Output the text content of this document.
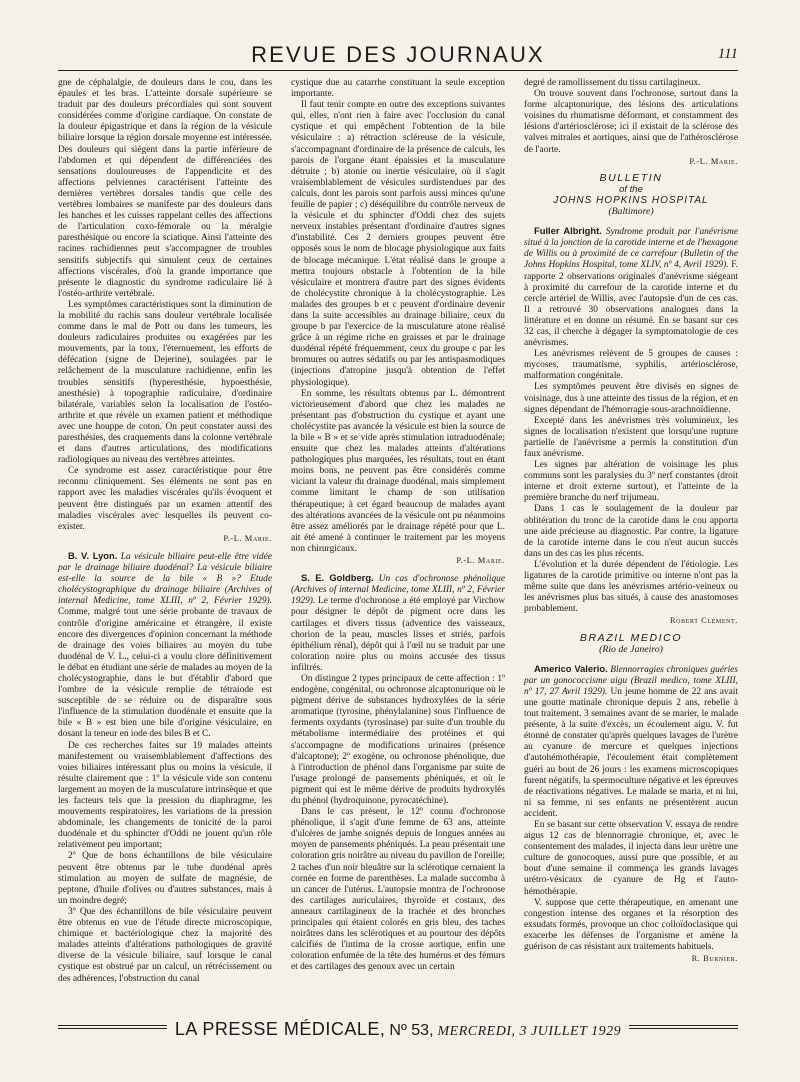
REVUE DES JOURNAUX	111

gne de céphalalgie, de douleurs dans le cou, dans les épaules et les bras. L'atteinte dorsale supérieure se traduit par des douleurs précordiales qui sont souvent considérées comme d'origine cardiaque. On constate de la douleur épigastrique et dans la région de la vésicule biliaire lorsque la région dorsale moyenne est intéressée. Des douleurs qui siègent dans la partie inférieure de l'abdomen et qui dépendent de différenciées des sensations douloureuses de l'appendicite et des affections pelviennes caractérisent l'atteinte des dernières vertèbres dorsales tandis que celle des vertèbres lombaires se manifeste par des douleurs dans les hanches et les cuisses rappelant celles des affections de l'articulation coxo-fémorale ou la méralgie paresthésique ou encore la sciatique. Ainsi l'atteinte des racines rachidiennes peut s'accompagner de troubles sensitifs subjectifs qui simulent ceux de certaines affections viscérales, d'où la grande importance que présente le diagnostic du syndrome radiculaire lié à l'ostéo-arthrite vertébrale.

Les symptômes caractéristiques sont la diminution de la mobilité du rachis sans douleur vertébrale localisée comme dans le mal de Pott ou dans les tumeurs, les douleurs radiculaires produites ou exagérées par les mouvements, par la toux, l'éternuement, les efforts de défécation (signe de Dejerine), soulagées par le relâchement de la musculature rachidienne, enfin les troubles sensitifs (hyperesthésie, hypoesthésie, anesthésie) à topographie radiculaire, d'ordinaire bilatérale, variables selon la localisation de l'ostéo-arthrite et que révèle un examen patient et méthodique avec une houppe de coton. On peut constater aussi des paresthésies, des craquements dans la colonne vertébrale et dans d'autres articulations, des modifications radiologiques au niveau des vertèbres atteintes.

Ce syndrome est assez caractéristique pour être reconnu cliniquement. Ses éléments ne sont pas en rapport avec les maladies viscérales qu'ils évoquent et peuvent être distingués par un examen attentif des maladies viscérales avec lesquelles ils peuvent co-exister.

P.-L. Marie.

B. V. Lyon. La vésicule biliaire peut-elle être vidée par le drainage biliaire duodénal? La vésicule biliaire est-elle la source de la bile « B »? Etude cholécystographique du drainage biliaire (Archives of internal Medicine, tome XLIII, nº 2, Février 1929). Comme, malgré tout une série probante de travaux de contrôle d'origine américaine et étrangère, il existe encore des divergences d'opinion concernant la méthode de drainage des voies biliaires au moyen du tube duodénal de V. L., celui-ci a voulu clore définitivement le débat en étudiant une série de malades au moyen de la cholécystographie, dans le but d'établir d'abord que l'ombre de la vésicule remplie de tétraiode est susceptible de se réduire ou de disparaître sous l'influence de la stimulation duodénale et ensuite que la bile « B » est bien une bile d'origine vésiculaire, en dosant la teneur en iode des biles B et C.

De ces recherches faites sur 19 malades atteints manifestement ou vraisemblablement d'affections des voies biliaires intéressant plus ou moins la vésicule, il résulte clairement que : 1º la vésicule vide son contenu largement au moyen de la musculature intrinsèque et que les facteurs tels que la pression du diaphragme, les mouvements respiratoires, les variations de la pression abdominale, les changements de tonicité de la paroi duodénale et du sphincter d'Oddi ne jouent qu'un rôle relativement peu important;

2º Que de bons échantillons de bile vésiculaire peuvent être obtenus par le tube duodénal après stimulation au moyen de sulfate de magnésie, de peptone, d'huile d'olives ou d'autres substances, mais à un moindre degré;

3º Que des échantillons de bile vésiculaire peuvent être obtenus en vue de l'étude directe microscopique, chimique et bactériologique chez la majorité des malades atteints d'altérations pathologiques de gravité diverse de la vésicule biliaire, sauf lorsque le canal cystique est obstrué par un calcul, un rétrécissement ou des adhérences, l'obstruction du canal

cystique due au catarrhe constituant la seule exception importante.

Il faut tenir compte en outre des exceptions suivantes qui, elles, n'ont rien à faire avec l'occlusion du canal cystique et qui empêchent l'obtention de la bile vésiculaire : a) rétraction scléreuse de la vésicule, s'accompagnant d'ordinaire de la présence de calculs, les parois de l'organe étant épaissies et la musculature détruite ; b) atonie ou inertie vésiculaire, où il s'agit vraisemblablement de vésicules surdistendues par des calculs, dont les parois sont parfois aussi minces qu'une feuille de papier ; c) déséquilibre du contrôle nerveux de la vésicule et du sphincter d'Oddi chez des sujets nerveux instables présentant d'ordinaire d'autres signes d'instabilité. Ces 2 derniers groupes peuvent être opposés sous le nom de blocage physiologique aux faits de blocage mécanique. L'état réalisé dans le groupe a mettra toujours obstacle à l'obtention de la bile vésiculaire et montrera d'autre part des signes évidents de cholécystite chronique à la cholécystographie. Les malades des groupes b et c peuvent d'ordinaire devenir dans la suite accessibles au drainage biliaire, ceux du groupe b par l'exercice de la musculature atone réalisé grâce à un régime riche en graisses et par le drainage duodénal répété fréquemment, ceux du groupe c par les bromures ou autres sédatifs ou par les antispasmodiques (injections d'atropine jusqu'à obtention de l'effet physiologique).

En somme, les résultats obtenus par L. démontrent victorieusement d'abord que chez les malades ne présentant pas d'obstruction du cystique et ayant une cholécystite pas avancée la vésicule est bien la source de la bile « B » et se vide après stimulation intraduodénale; ensuite que chez les malades atteints d'altérations pathologiques plus marquées, les résultats, tout en étant moins bons, ne peuvent pas être considérés comme viciant la valeur du drainage duodénal, mais simplement comme limitant le champ de son utilisation thérapeutique; à cet égard beaucoup de malades ayant des altérations avancées de la vésicule ont pu néanmoins être assez améliorés par le drainage répété pour que L. ait été amené à continuer le traitement par les moyens non chirurgicaux.

P.-L. Marie.

S. E. Goldberg. Un cas d'ochronose phénolique (Archives of internal Medicine, tome XLIII, nº 2, Février 1929). Le terme d'ochronose a été employé par Virchow pour désigner le dépôt de pigment ocre dans les cartilages et divers tissus (adventice des vaisseaux, chorion de la peau, muscles lisses et striés, parfois épithélium rénal), dépôt qui à l'œil nu se traduit par une coloration noire plus ou moins accusée des tissus infiltrés.

On distingue 2 types principaux de cette affection : 1º endogène, congénital, ou ochronose alcaptonurique où le pigment dérive de substances hydroxylées de la série aromatique (tyrosine, phénylalanine) sous l'influence de ferments oxydants (tyrosinase) par suite d'un trouble du métabolisme intermédiaire des protéines et qui s'accompagne de modifications urinaires (présence d'alcaptone); 2º exogène, ou ochronose phénolique, due à l'introduction de phénol dans l'organisme par suite de l'usage prolongé de pansements phéniqués, et où le pigment qui est le même dérive de produits hydroxylés du phénol (hydroquinone, pyrocatéchine).

Dans le cas présent, le 12º connu d'ochronose phénolique, il s'agit d'une femme de 63 ans, atteinte d'ulcères de jambe soignés depuis de longues années au moyen de pansements phéniqués. La peau présentait une coloration gris noirâtre au niveau du pavillon de l'oreille; 2 taches d'un noir bleuâtre sur la sclérotique cernaient la cornée en forme de parenthèses. La malade succomba à un cancer de l'utérus. L'autopsie montra de l'ochronose des cartilages auriculaires, thyroïde et costaux, des anneaux cartilagineux de la trachée et des bronches principales qui étaient colorés en gris bleu, des taches noirâtres dans les sclérotiques et au pourtour des dépôts calcifiés de l'intima de la crosse aortique, enfin une coloration enfumée de la tête des humérus et des fémurs et des cartilages des genoux avec un certain

degré de ramollissement du tissu cartilagineux.

On trouve souvent dans l'ochronose, surtout dans la forme alcaptonurique, des lésions des articulations voisines du rhumatisme déformant, et constamment des lésions d'artériosclérose; ici il existait de la sclérose des valves mitrales et aortiques, ainsi que de l'athérosclérose de l'aorte.

P.-L. Marie.

BULLETIN
of the
JOHNS HOPKINS HOSPITAL
(Baltimore)

Fuller Albright. Syndrome produit par l'anévrisme situé à la jonction de la carotide interne et de l'hexagone de Willis ou à proximité de ce carrefour (Bulletin of the Johns Hopkins Hospital, tome XLIV, nº 4, Avril 1929). F. rapporte 2 observations originales d'anévrisme siégeant à proximité du carrefour de la carotide interne et du cercle artériel de Willis, avec l'autopsie d'un de ces cas. Il a retrouvé 30 observations analogues dans la littérature et en donne un résumé. En se basant sur ces 32 cas, il cherche à dégager la symptomatologie de ces anévrismes.

Les anévrismes relèvent de 5 groupes de causes : mycoses, traumatisme, syphilis, artériosclérose, malformation congénitale.

Les symptômes peuvent être divisés en signes de voisinage, dus à une atteinte des tissus de la région, et en signes dépendant de l'hémorragie sous-arachnoïdienne.

Excepté dans les anévrismes très volumineux, les signes de localisation n'existent que lorsqu'une rupture partielle de l'anévrisme a permis la constitution d'un faux anévrisme.

Les signes par altération de voisinage les plus communs sont les paralysies du 3º nerf constantes (droit interne et droit externe surtout), et l'atteinte de la première branche du nerf trijumeau.

Dans 1 cas le soulagement de la douleur par oblitération du tronc de la carotide dans le cou apporta une aide précieuse au diagnostic. Par contre, la ligature de la carotide interne dans le cou n'eut aucun succès dans un des cas les plus récents.

L'évolution et la durée dépendent de l'étiologie. Les ligatures de la carotide primitive ou interne n'ont pas la même suite que dans les anévrismes artério-veineux ou les anévrismes plus bas situés, à cause des anastomoses probablement.

Robert Clément.

BRAZIL MEDICO
(Rio de Janeiro)

Americo Valerio. Blennorragies chroniques guéries par un gonococcisme aigu (Brazil medico, tome XLIII, nº 17, 27 Avril 1929). Un jeune homme de 22 ans avait une goutte matinale chronique depuis 2 ans, rebelle à tout traitement. 3 semaines avant de se marier, le malade présente, à la suite d'excès, un écoulement aigu. V. fut étonné de constater qu'après quelques lavages de l'urètre au cyanure de mercure et quelques injections d'autohémothérapie, l'écoulement était complètement guéri au bout de 26 jours : les examens microscopiques furent négatifs, la spermoculture négative et les épreuves de réactivations négatives. Le malade se maria, et ni lui, ni sa femme, ni ses enfants ne présentèrent aucun accident.

En se basant sur cette observation V. essaya de rendre aigus 12 cas de blennorragie chronique, et, avec le consentement des malades, il injecta dans leur urètre une culture de gonocoques, aussi pure que possible, et au bout d'une semaine il commença les grands lavages urétro-vésicaux de cyanure de Hg et l'auto-hémothérapie.

V. suppose que cette thérapeutique, en amenant une congestion intense des organes et la résorption des exsudats formés, provoque un choc colloïdoclasique qui exacerbe les défenses de l'organisme et amène la guérison de cas résistant aux traitements habituels.

R. Burnier.

LA PRESSE MÉDICALE, Nº 53, MERCREDI, 3 JUILLET 1929
